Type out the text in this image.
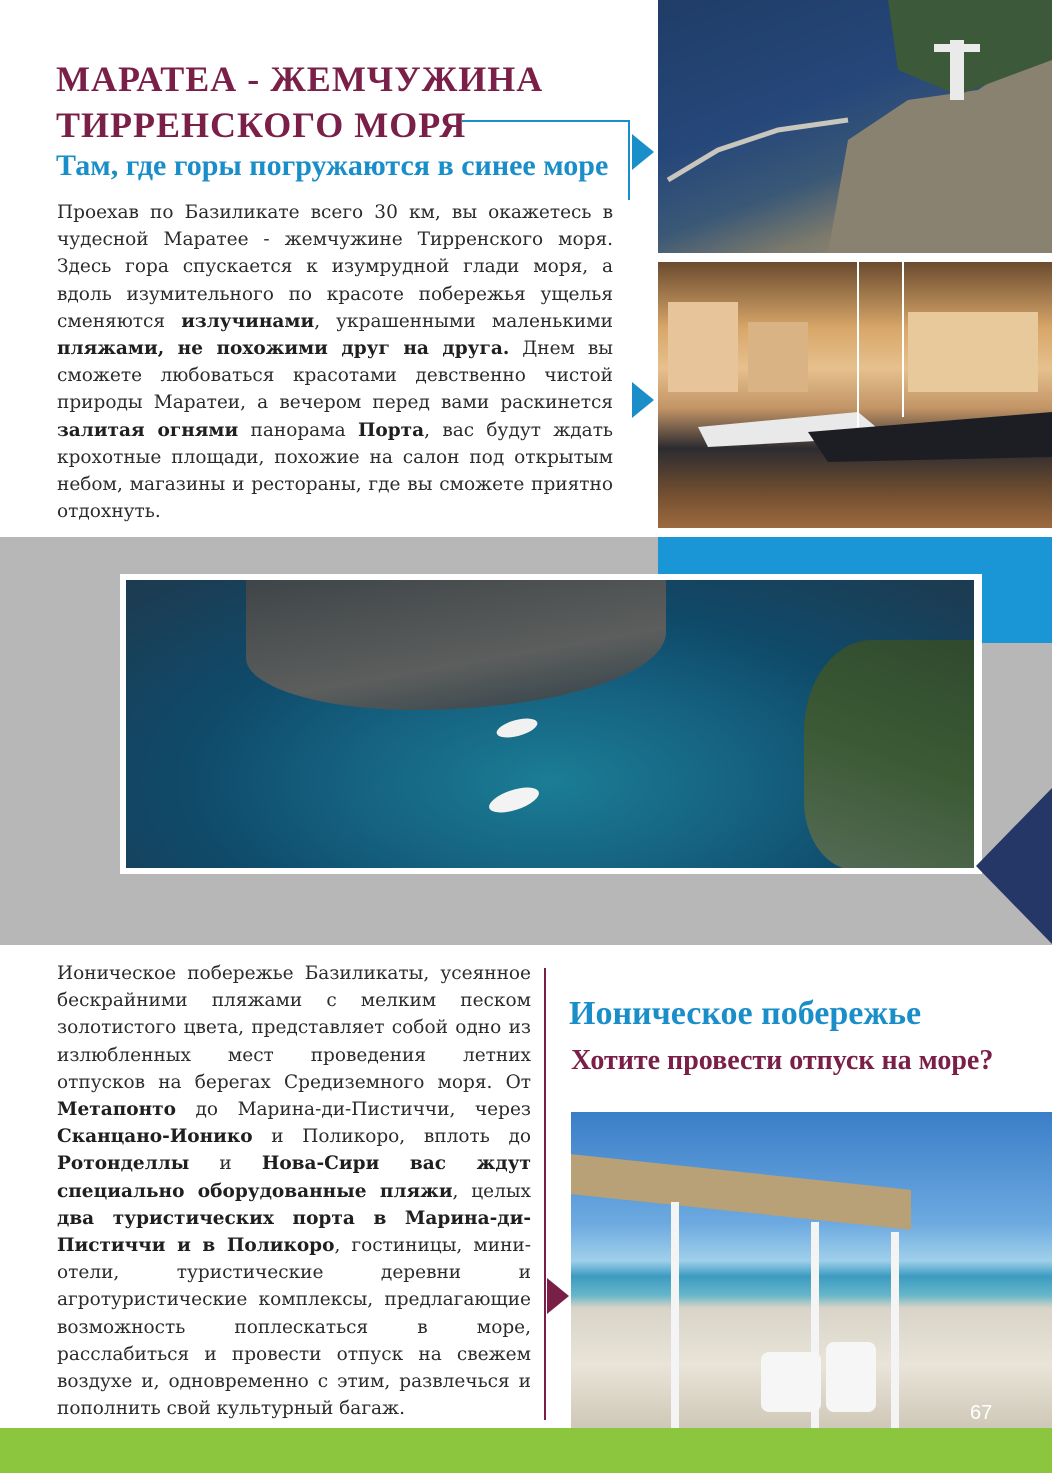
МАРАТЕА - ЖЕМЧУЖИНА
ТИРРЕНСКОГО МОРЯ
Там, где горы погружаются в синее море

Проехав по Базиликате всего 30 км, вы окажетесь в чудесной Маратее - жемчужине Тирренского моря. Здесь гора спускается к изумрудной глади моря, а вдоль изумительного по красоте побережья ущелья сменяются излучинами, украшенными маленькими пляжами, не похожими друг на друга. Днем вы сможете любоваться красотами девственно чистой природы Маратеи, а вечером перед вами раскинется залитая огнями панорама Порта, вас будут ждать крохотные площади, похожие на салон под открытым небом, магазины и рестораны, где вы сможете приятно отдохнуть.

Ионическое побережье Базиликаты, усеянное бескрайними пляжами с мелким песком золотистого цвета, представляет собой одно из излюбленных мест проведения летних отпусков на берегах Средиземного моря. От Метапонто до Марина-ди-Пистиччи, через Сканцано-Ионико и Поликоро, вплоть до Ротонделлы и Нова-Сири вас ждут специально оборудованные пляжи, целых два туристических порта в Марина-ди-Пистиччи и в Поликоро, гостиницы, мини-отели, туристические деревни и агротуристические комплексы, предлагающие возможность поплескаться в море, расслабиться и провести отпуск на свежем воздухе и, одновременно с этим, развлечься и пополнить свой культурный багаж.

Ионическое побережье
Хотите провести отпуск на море?
67
